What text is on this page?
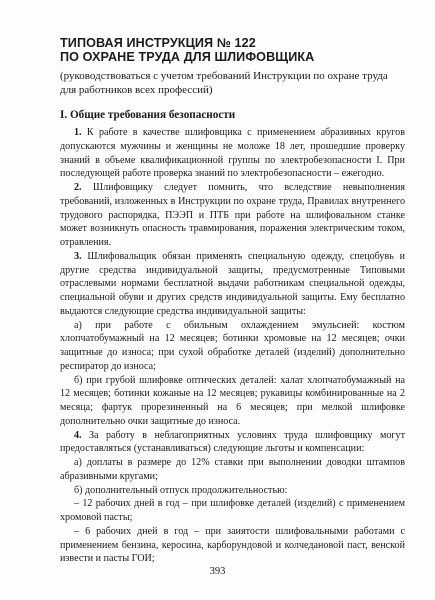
ТИПОВАЯ ИНСТРУКЦИЯ № 122
ПО ОХРАНЕ ТРУДА ДЛЯ ШЛИФОВЩИКА

(руководствоваться с учетом требований Инструкции по охране труда для работников всех профессий)

I. Общие требования безопасности

1. К работе в качестве шлифовщика с применением абразивных кругов допускаются мужчины и женщины не моложе 18 лет, прошедшие проверку знаний в объеме квалификационной группы по электробезопасности I. При последующей работе проверка знаний по электробезопасности – ежегодно.

2. Шлифовщику следует помнить, что вследствие невыполнения требований, изложенных в Инструкции по охране труда, Правилах внутреннего трудового распорядка, ПЭЭП и ПТБ при работе на шлифовальном станке может возникнуть опасность травмирования, поражения электрическим током, отравления.

3. Шлифовальщик обязан применять специальную одежду, спецобувь и другие средства индивидуальной защиты, предусмотренные Типовыми отраслевыми нормами бесплатной выдачи работникам специальной одежды, специальной обуви и других средств индивидуальной защиты. Ему бесплатно выдаются следующие средства индивидуальной защиты:

а) при работе с обильным охлаждением эмульсией: костюм хлопчатобумажный на 12 месяцев; ботинки хромовые на 12 месяцев; очки защитные до износа; при сухой обработке деталей (изделий) дополнительно респиратор до износа;

б) при грубой шлифовке оптических деталей: халат хлопчатобумажный на 12 месяцев; ботинки кожаные на 12 месяцев; рукавицы комбинированные на 2 месяца; фартук прорезиненный на 6 месяцев; при мелкой шлифовке дополнительно очки защитные до износа.

4. За работу в неблагоприятных условиях труда шлифовщику могут предоставляться (устанавливаться) следующие льготы и компенсации:

а) доплаты в размере до 12% ставки при выполнении доводки штампов абразивными кругами;

б) дополнительный отпуск продолжительностью:

– 12 рабочих дней в год – при шлифовке деталей (изделий) с применением хромовой пасты;

– 6 рабочих дней в год – при заиятости шлифовальными работами с применением бензина, керосина, карборундовой и колчедановой паст, венской извести и пасты ГОИ;

393
